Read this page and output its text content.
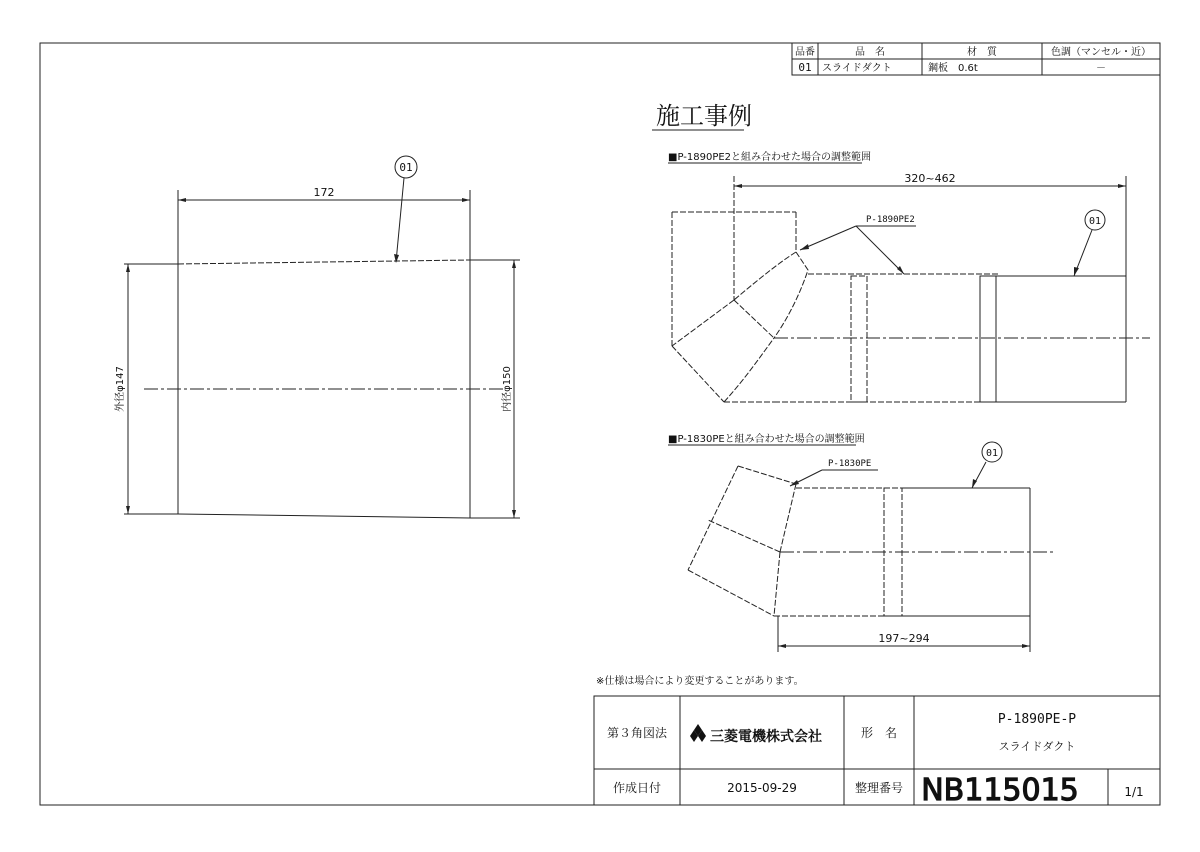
品番	品　名	材　質	色調（マンセル・近）
01 スライドダクト	鋼板　0.6t	－
施工事例
01
172
外径φ147	内径φ150
■P-1890PE2と組み合わせた場合の調整範囲
320~462
P-1890PE2	01
■P-1830PEと組み合わせた場合の調整範囲
P-1830PE
01
197~294
※仕様は場合により変更することがあります。
第３角図法	三菱電機株式会社	形　名
P-1890PE-P
スライドダクト
作成日付	2015-09-29	整理番号 NB115015	1/1
